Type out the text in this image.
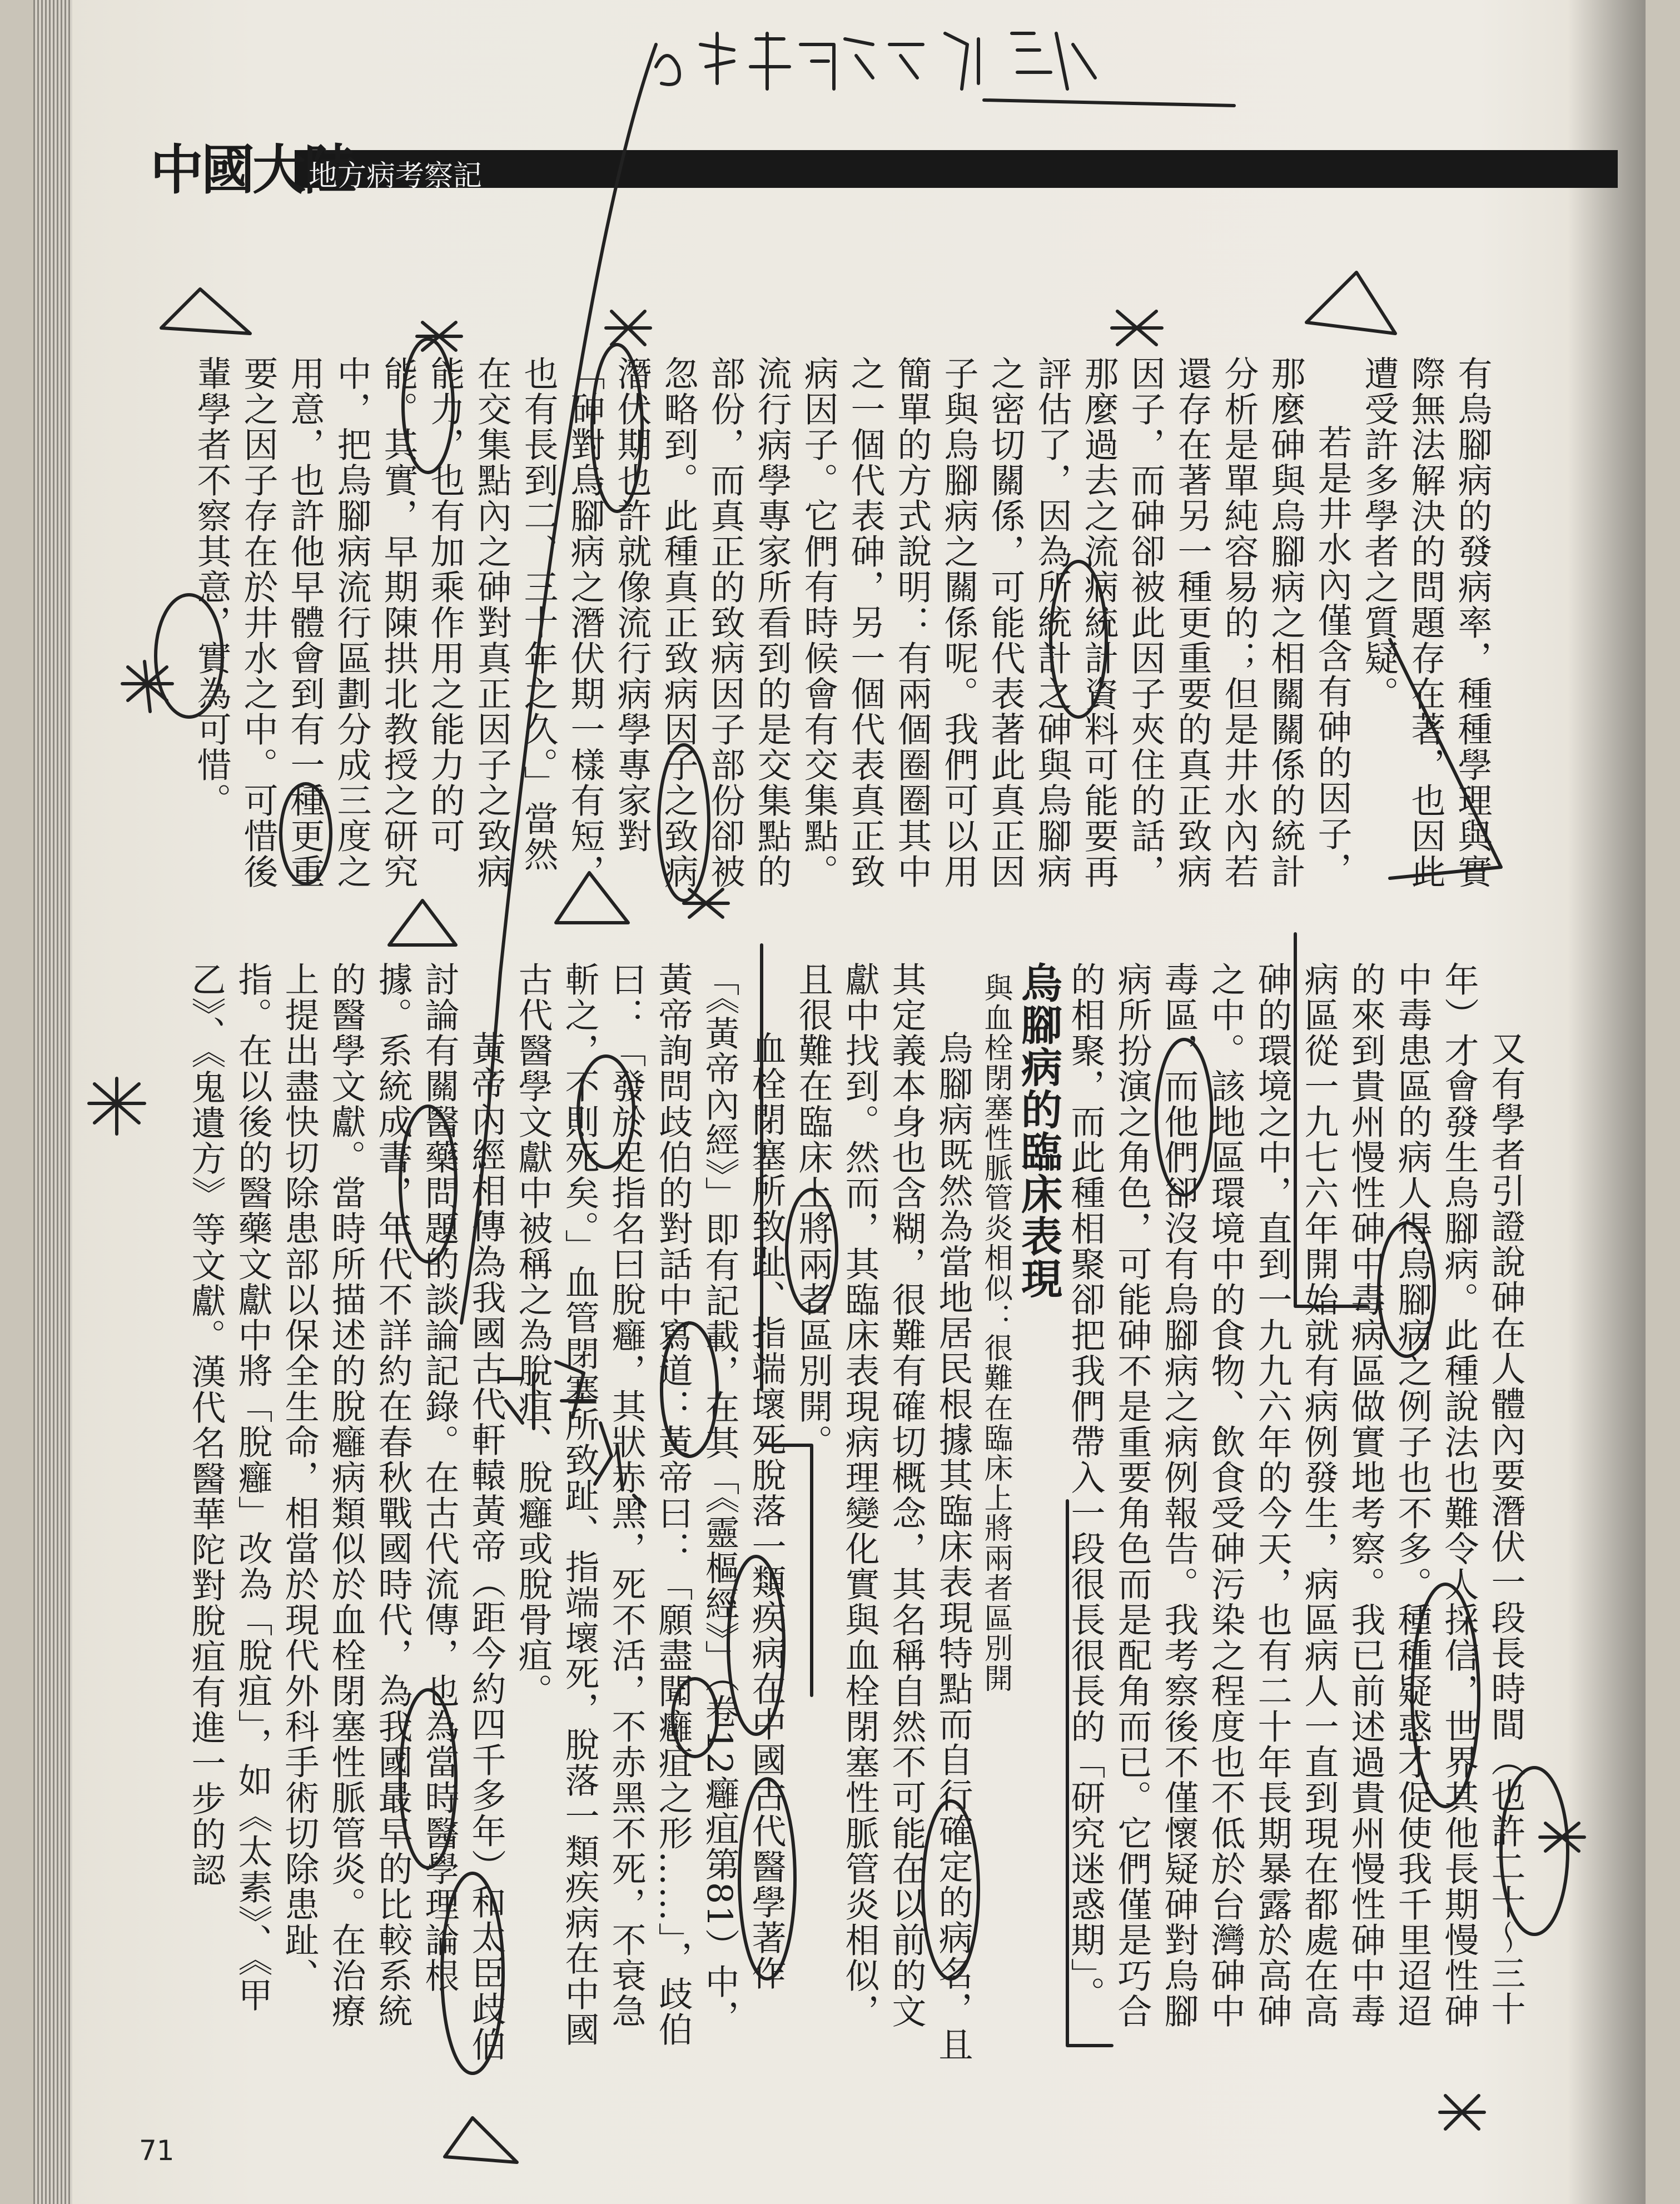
中國大陸
地方病考察記

有烏腳病的發病率，種種學理與實際無法解決的問題存在著，也因此遭受許多學者之質疑。

若是井水內僅含有砷的因子，那麼砷與烏腳病之相關關係的統計分析是單純容易的；但是井水內若還存在著另一種更重要的真正致病因子，而砷卻被此因子夾住的話，那麼過去之流病統計資料可能要再評估了，因為所統計之砷與烏腳病之密切關係，可能代表著此真正因子與烏腳病之關係呢。我們可以用簡單的方式說明：有兩個圈圈其中之一個代表砷，另一個代表真正致病因子。它們有時候會有交集點。流行病學專家所看到的是交集點的部份，而真正的致病因子部份卻被忽略到。此種真正致病因子之致病潛伏期也許就像流行病學專家對「砷對烏腳病之潛伏期一樣有短，也有長到二、三十年之久。」當然在交集點內之砷對真正因子之致病能力，也有加乘作用之能力的可能。其實，早期陳拱北教授之研究中，把烏腳病流行區劃分成三度之用意，也許他早體會到有一種更重要之因子存在於井水之中。可惜後輩學者不察其意，實為可惜。

又有學者引證說砷在人體內要潛伏一段長時間（也許二十～三十年）才會發生烏腳病。此種說法也難令人採信，世界其他長期慢性砷中毒患區的病人得烏腳病之例子也不多。種種疑惑才促使我千里迢迢的來到貴州慢性砷中毒病區做實地考察。我已前述過貴州慢性砷中毒病區從一九七六年開始就有病例發生，病區病人一直到現在都處在高砷的環境之中，直到一九九六年的今天，也有二十年長期暴露於高砷之中。該地區環境中的食物、飲食受砷污染之程度也不低於台灣砷中毒區，而他們卻沒有烏腳病之病例報告。我考察後不僅懷疑砷對烏腳病所扮演之角色，可能砷不是重要角色而是配角而已。它們僅是巧合的相聚，而此種相聚卻把我們帶入一段很長很長的「研究迷惑期」。

烏腳病的臨床表現

與血栓閉塞性脈管炎相似：很難在臨床上將兩者區別開

烏腳病既然為當地居民根據其臨床表現特點而自行確定的病名，且其定義本身也含糊，很難有確切概念，其名稱自然不可能在以前的文獻中找到。然而，其臨床表現病理變化實與血栓閉塞性脈管炎相似，且很難在臨床上將兩者區別開。

血栓閉塞所致趾、指端壞死脫落一類疾病在中國古代醫學著作「《黃帝內經》」即有記載，在其「《靈樞經》」（卷12癰疽第81）中，黃帝詢問歧伯的對話中寫道：黃帝曰：「願盡聞癰疽之形……」，歧伯曰：「發於足指名曰脫癰，其狀赤黑，死不活，不赤黑不死，不衰急斬之，不則死矣。」血管閉塞所致趾、指端壞死，脫落一類疾病在中國古代醫學文獻中被稱之為脫疽、脫癰或脫骨疽。

黃帝內經相傳為我國古代軒轅黃帝（距今約四千多年）和太臣歧伯討論有關醫藥問題的談論記錄。在古代流傳，也為當時醫學理論根據。系統成書，年代不詳約在春秋戰國時代，為我國最早的比較系統的醫學文獻。當時所描述的脫癰病類似於血栓閉塞性脈管炎。在治療上提出盡快切除患部以保全生命，相當於現代外科手術切除患趾、指。在以後的醫藥文獻中將「脫癰」改為「脫疽」，如《太素》、《甲乙》、《鬼遺方》等文獻。漢代名醫華陀對脫疽有進一步的認

71
